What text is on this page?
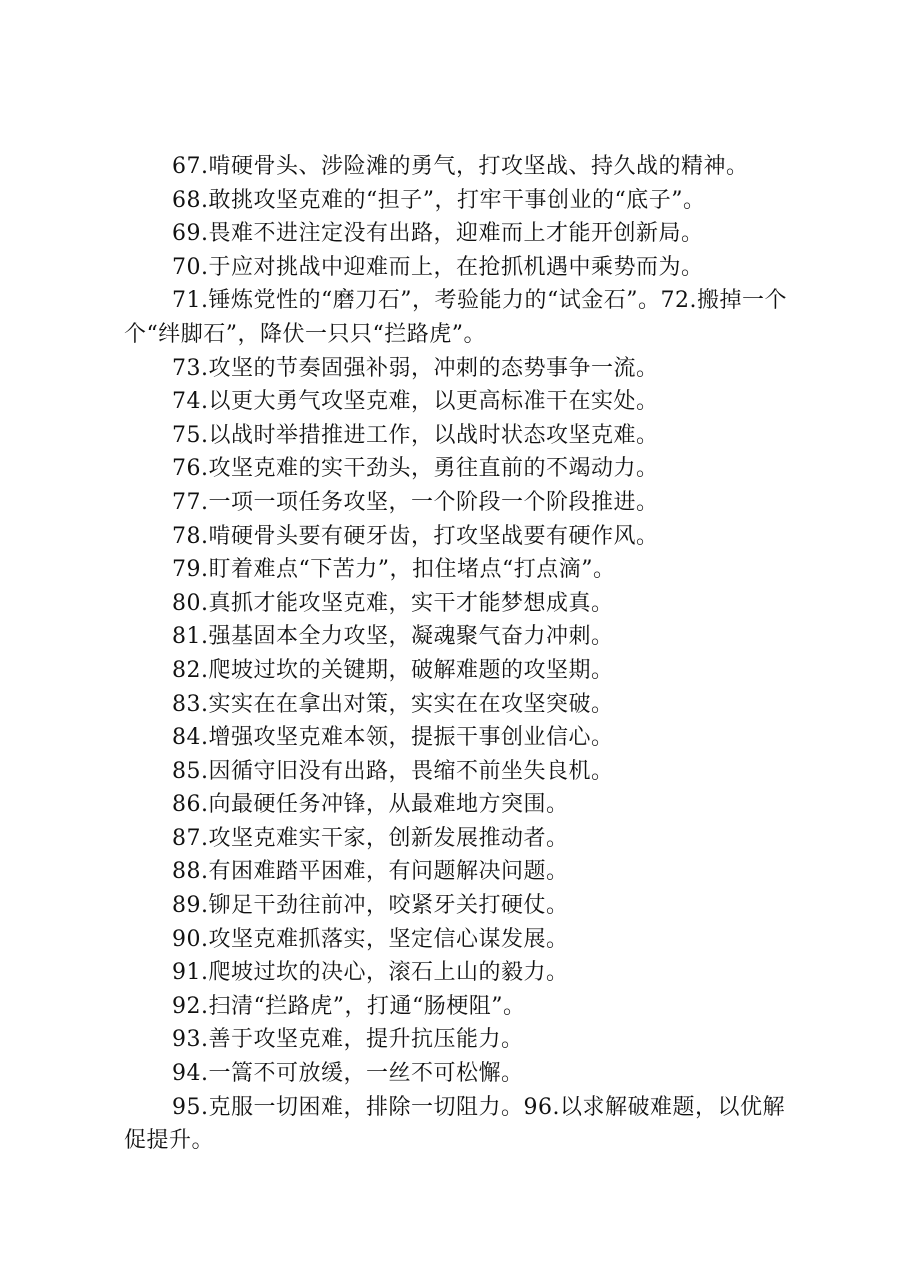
67.啃硬骨头、涉险滩的勇气，打攻坚战、持久战的精神。

68.敢挑攻坚克难的“担子”，打牢干事创业的“底子”。

69.畏难不进注定没有出路，迎难而上才能开创新局。

70.于应对挑战中迎难而上，在抢抓机遇中乘势而为。

71.锤炼党性的“磨刀石”，考验能力的“试金石”。72.搬掉一个个“绊脚石”，降伏一只只“拦路虎”。

73.攻坚的节奏固强补弱，冲刺的态势事争一流。

74.以更大勇气攻坚克难，以更高标准干在实处。

75.以战时举措推进工作，以战时状态攻坚克难。

76.攻坚克难的实干劲头，勇往直前的不竭动力。

77.一项一项任务攻坚，一个阶段一个阶段推进。

78.啃硬骨头要有硬牙齿，打攻坚战要有硬作风。

79.盯着难点“下苦力”，扣住堵点“打点滴”。

80.真抓才能攻坚克难，实干才能梦想成真。

81.强基固本全力攻坚，凝魂聚气奋力冲刺。

82.爬坡过坎的关键期，破解难题的攻坚期。

83.实实在在拿出对策，实实在在攻坚突破。

84.增强攻坚克难本领，提振干事创业信心。

85.因循守旧没有出路，畏缩不前坐失良机。

86.向最硬任务冲锋，从最难地方突围。

87.攻坚克难实干家，创新发展推动者。

88.有困难踏平困难，有问题解决问题。

89.铆足干劲往前冲，咬紧牙关打硬仗。

90.攻坚克难抓落实，坚定信心谋发展。

91.爬坡过坎的决心，滚石上山的毅力。

92.扫清“拦路虎”，打通“肠梗阻”。

93.善于攻坚克难，提升抗压能力。

94.一篙不可放缓，一丝不可松懈。

95.克服一切困难，排除一切阻力。96.以求解破难题，以优解促提升。
